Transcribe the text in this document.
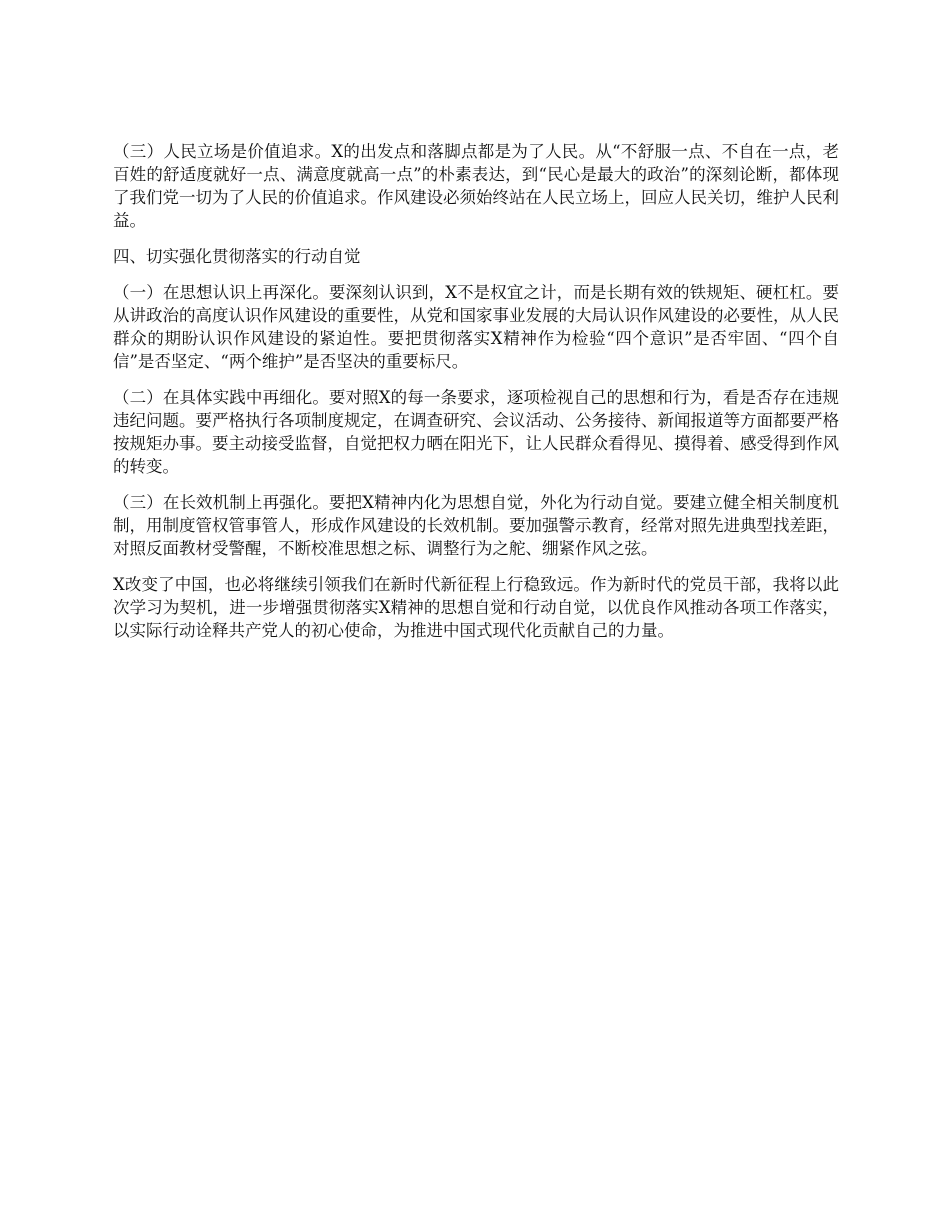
（三）人民立场是价值追求。X的出发点和落脚点都是为了人民。从“不舒服一点、不自在一点，老百姓的舒适度就好一点、满意度就高一点”的朴素表达，到“民心是最大的政治”的深刻论断，都体现了我们党一切为了人民的价值追求。作风建设必须始终站在人民立场上，回应人民关切，维护人民利益。

四、切实强化贯彻落实的行动自觉

（一）在思想认识上再深化。要深刻认识到，X不是权宜之计，而是长期有效的铁规矩、硬杠杠。要从讲政治的高度认识作风建设的重要性，从党和国家事业发展的大局认识作风建设的必要性，从人民群众的期盼认识作风建设的紧迫性。要把贯彻落实X精神作为检验“四个意识”是否牢固、“四个自信”是否坚定、“两个维护”是否坚决的重要标尺。

（二）在具体实践中再细化。要对照X的每一条要求，逐项检视自己的思想和行为，看是否存在违规违纪问题。要严格执行各项制度规定，在调查研究、会议活动、公务接待、新闻报道等方面都要严格按规矩办事。要主动接受监督，自觉把权力晒在阳光下，让人民群众看得见、摸得着、感受得到作风的转变。

（三）在长效机制上再强化。要把X精神内化为思想自觉，外化为行动自觉。要建立健全相关制度机制，用制度管权管事管人，形成作风建设的长效机制。要加强警示教育，经常对照先进典型找差距，对照反面教材受警醒，不断校准思想之标、调整行为之舵、绷紧作风之弦。

X改变了中国，也必将继续引领我们在新时代新征程上行稳致远。作为新时代的党员干部，我将以此次学习为契机，进一步增强贯彻落实X精神的思想自觉和行动自觉，以优良作风推动各项工作落实，以实际行动诠释共产党人的初心使命，为推进中国式现代化贡献自己的力量。
